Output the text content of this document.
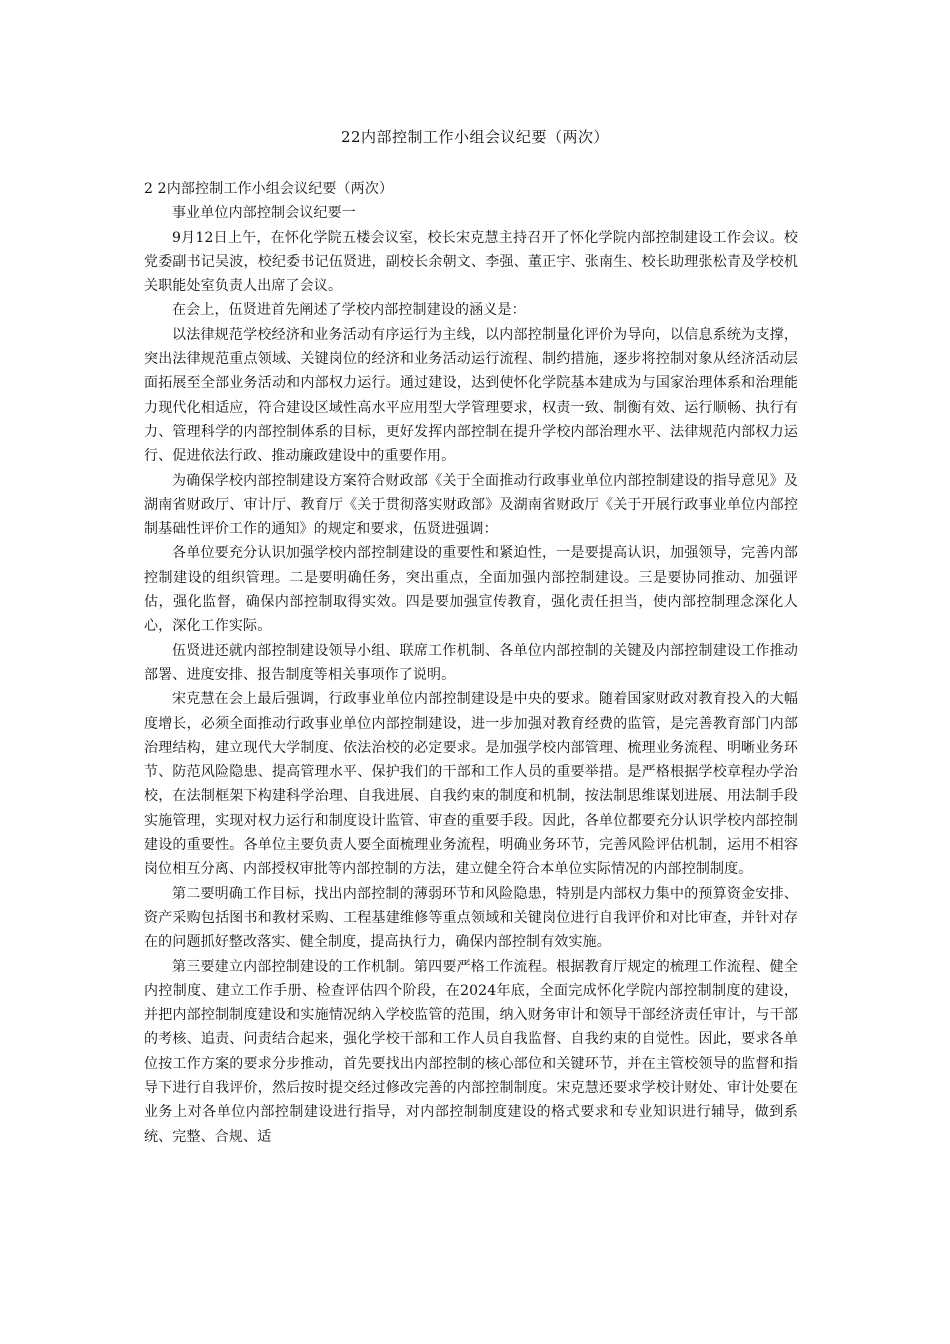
22内部控制工作小组会议纪要（两次）

2 2内部控制工作小组会议纪要（两次）

事业单位内部控制会议纪要一

9月12日上午，在怀化学院五楼会议室，校长宋克慧主持召开了怀化学院内部控制建设工作会议。校党委副书记吴波，校纪委书记伍贤进，副校长余朝文、李强、董正宇、张南生、校长助理张松青及学校机关职能处室负责人出席了会议。

在会上，伍贤进首先阐述了学校内部控制建设的涵义是：

以法律规范学校经济和业务活动有序运行为主线，以内部控制量化评价为导向，以信息系统为支撑，突出法律规范重点领域、关键岗位的经济和业务活动运行流程、制约措施，逐步将控制对象从经济活动层面拓展至全部业务活动和内部权力运行。通过建设，达到使怀化学院基本建成为与国家治理体系和治理能力现代化相适应，符合建设区域性高水平应用型大学管理要求，权责一致、制衡有效、运行顺畅、执行有力、管理科学的内部控制体系的目标，更好发挥内部控制在提升学校内部治理水平、法律规范内部权力运行、促进依法行政、推动廉政建设中的重要作用。

为确保学校内部控制建设方案符合财政部《关于全面推动行政事业单位内部控制建设的指导意见》及湖南省财政厅、审计厅、教育厅《关于贯彻落实财政部》及湖南省财政厅《关于开展行政事业单位内部控制基础性评价工作的通知》的规定和要求，伍贤进强调：

各单位要充分认识加强学校内部控制建设的重要性和紧迫性，一是要提高认识，加强领导，完善内部控制建设的组织管理。二是要明确任务，突出重点，全面加强内部控制建设。三是要协同推动、加强评估，强化监督，确保内部控制取得实效。四是要加强宣传教育，强化责任担当，使内部控制理念深化人心，深化工作实际。

伍贤进还就内部控制建设领导小组、联席工作机制、各单位内部控制的关键及内部控制建设工作推动部署、进度安排、报告制度等相关事项作了说明。

宋克慧在会上最后强调，行政事业单位内部控制建设是中央的要求。随着国家财政对教育投入的大幅度增长，必须全面推动行政事业单位内部控制建设，进一步加强对教育经费的监管，是完善教育部门内部治理结构，建立现代大学制度、依法治校的必定要求。是加强学校内部管理、梳理业务流程、明晰业务环节、防范风险隐患、提高管理水平、保护我们的干部和工作人员的重要举措。是严格根据学校章程办学治校，在法制框架下构建科学治理、自我进展、自我约束的制度和机制，按法制思维谋划进展、用法制手段实施管理，实现对权力运行和制度设计监管、审查的重要手段。因此，各单位都要充分认识学校内部控制建设的重要性。各单位主要负责人要全面梳理业务流程，明确业务环节，完善风险评估机制，运用不相容岗位相互分离、内部授权审批等内部控制的方法，建立健全符合本单位实际情况的内部控制制度。

第二要明确工作目标，找出内部控制的薄弱环节和风险隐患，特别是内部权力集中的预算资金安排、资产采购包括图书和教材采购、工程基建维修等重点领域和关键岗位进行自我评价和对比审查，并针对存在的问题抓好整改落实、健全制度，提高执行力，确保内部控制有效实施。

第三要建立内部控制建设的工作机制。第四要严格工作流程。根据教育厅规定的梳理工作流程、健全内控制度、建立工作手册、检查评估四个阶段，在2024年底，全面完成怀化学院内部控制制度的建设，并把内部控制制度建设和实施情况纳入学校监管的范围，纳入财务审计和领导干部经济责任审计，与干部的考核、追责、问责结合起来，强化学校干部和工作人员自我监督、自我约束的自觉性。因此，要求各单位按工作方案的要求分步推动，首先要找出内部控制的核心部位和关键环节，并在主管校领导的监督和指导下进行自我评价，然后按时提交经过修改完善的内部控制制度。宋克慧还要求学校计财处、审计处要在业务上对各单位内部控制建设进行指导，对内部控制制度建设的格式要求和专业知识进行辅导，做到系统、完整、合规、适
